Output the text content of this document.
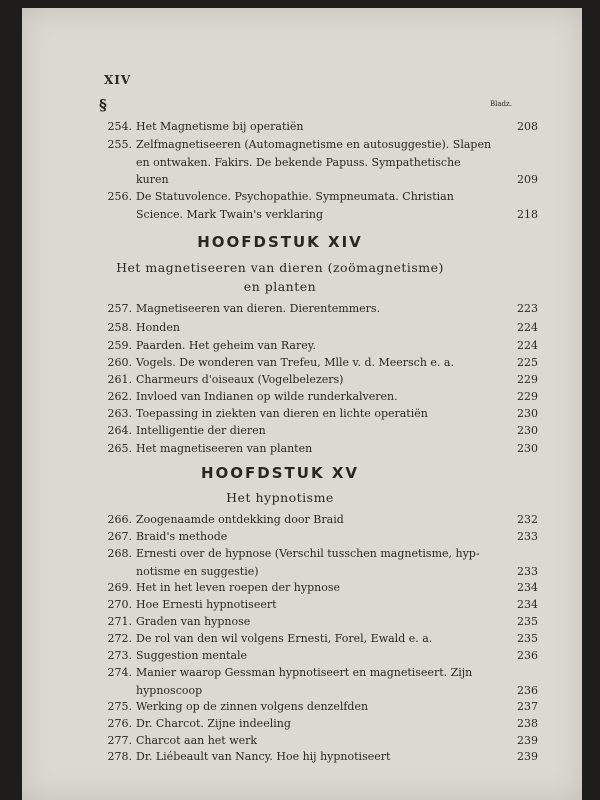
XIV
§	Bladz.
HOOFDSTUK XIV
Het magnetiseeren van dieren (zoömagnetisme)
en planten
HOOFDSTUK XV
Het hypnotisme
254. Het Magnetisme bij operatiën	208
255. Zelfmagnetiseeren (Automagnetisme en autosuggestie). Slapen
en ontwaken. Fakirs. De bekende Papuss. Sympathetische
kuren	209
256. De Statuvolence. Psychopathie. Sympneumata. Christian
Science. Mark Twain's verklaring	218
257. Magnetiseeren van dieren. Dierentemmers.	223
258. Honden	224
259. Paarden. Het geheim van Rarey.	224
260. Vogels. De wonderen van Trefeu, Mlle v. d. Meersch e. a.	225
261. Charmeurs d'oiseaux (Vogelbelezers)	229
262. Invloed van Indianen op wilde runderkalveren.	229
263. Toepassing in ziekten van dieren en lichte operatiën	230
264. Intelligentie der dieren	230
265. Het magnetiseeren van planten	230
266. Zoogenaamde ontdekking door Braid	232
267. Braid's methode	233
268. Ernesti over de hypnose (Verschil tusschen magnetisme, hyp-
notisme en suggestie)	233
269. Het in het leven roepen der hypnose	234
270. Hoe Ernesti hypnotiseert	234
271. Graden van hypnose	235
272. De rol van den wil volgens Ernesti, Forel, Ewald e. a.	235
273. Suggestion mentale	236
274. Manier waarop Gessman hypnotiseert en magnetiseert. Zijn
hypnoscoop	236
275. Werking op de zinnen volgens denzelfden	237
276. Dr. Charcot. Zijne indeeling	238
277. Charcot aan het werk	239
278. Dr. Liébeault van Nancy. Hoe hij hypnotiseert	239
